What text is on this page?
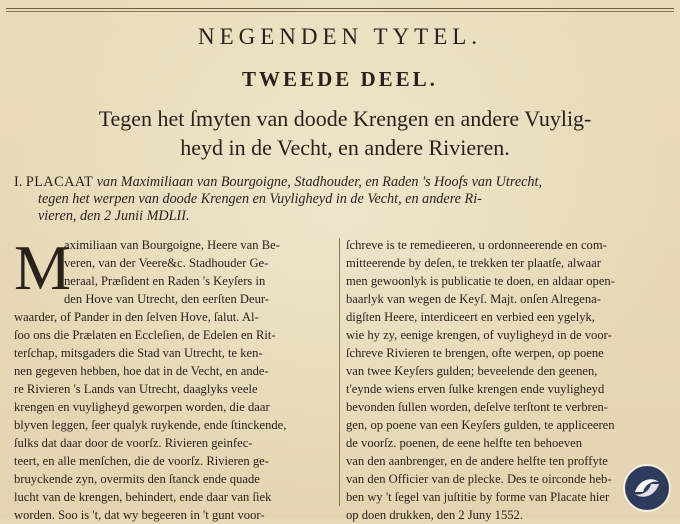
NEGENDEN TYTEL.
TWEEDE DEEL.
Tegen het ſmyten van doode Krengen en andere Vuylig-
heyd in de Vecht, en andere Rivieren.
I. PLACAAT van Maximiliaan van Bourgoigne, Stadhouder, en Raden 's Hoofs van Utrecht,
tegen het werpen van doode Krengen en Vuyligheyd in de Vecht, en andere Ri-
vieren, den 2 Junii MDLII.
M
aximiliaan van Bourgoigne, Heere van Be-
veren, van der Veere&c. Stadhouder Ge-
neraal, Præſident en Raden 's Keyſers in
den Hove van Utrecht, den eerſten Deur-
waarder, of Pander in den ſelven Hove, ſalut. Al-
ſoo ons die Prælaten en Eccleſien, de Edelen en Rit-
terſchap, mitsgaders die Stad van Utrecht, te ken-
nen gegeven hebben, hoe dat in de Vecht, en ande-
re Rivieren 's Lands van Utrecht, daaglyks veele
krengen en vuyligheyd geworpen worden, die daar
blyven leggen, ſeer qualyk ruykende, ende ſtinckende,
ſulks dat daar door de voorſz. Rivieren geinfec-
teert, en alle menſchen, die de voorſz. Rivieren ge-
bruyckende zyn, overmits den ſtanck ende quade
lucht van de krengen, behindert, ende daar van ſiek
worden. Soo is 't, dat wy begeeren in 't gunt voor-
ſchreve is te remedieeren, u ordonneerende en com-
mitteerende by deſen, te trekken ter plaatſe, alwaar
men gewoonlyk is publicatie te doen, en aldaar open-
baarlyk van wegen de Keyſ. Majt. onſen Alregena-
digſten Heere, interdiceert en verbied een ygelyk,
wie hy zy, eenige krengen, of vuyligheyd in de voor-
ſchreve Rivieren te brengen, ofte werpen, op poene
van twee Keyſers gulden; beveelende den geenen,
t'eynde wiens erven ſulke krengen ende vuyligheyd
bevonden ſullen worden, deſelve terſtont te verbren-
gen, op poene van een Keyſers gulden, te appliceeren
de voorſz. poenen, de eene helfte ten behoeven
van den aanbrenger, en de andere helfte ten proffyte
van den Officier van de plecke. Des te oirconde heb-
ben wy 't ſegel van juſtitie by forme van Placate hier
op doen drukken, den 2 Juny 1552.
